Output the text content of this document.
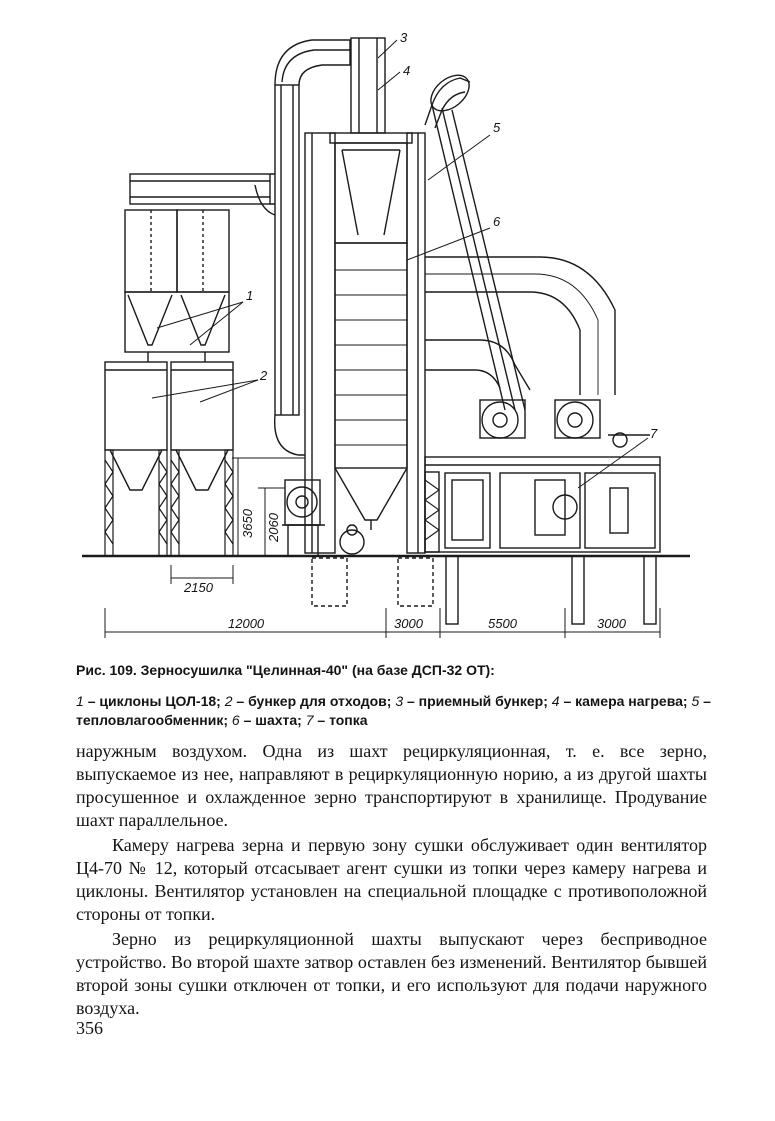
3
4
5
6
1
2
7
2150
12000	3000	5500	3000
3650 2060
Рис. 109. Зерносушилка "Целинная-40" (на базе ДСП-32 ОТ):
1 – циклоны ЦОЛ-18; 2 – бункер для отходов; 3 – приемный бункер; 4 – камера нагрева; 5 – тепловлагообменник; 6 – шахта; 7 – топка

наружным воздухом. Одна из шахт рециркуляционная, т. е. все зерно, выпускаемое из нее, направляют в рециркуляционную норию, а из другой шахты просушенное и охлажденное зерно транспортируют в хранилище. Продувание шахт параллельное.

Камеру нагрева зерна и первую зону сушки обслуживает один вентилятор Ц4-70 № 12, который отсасывает агент сушки из топки через камеру нагрева и циклоны. Вентилятор установлен на специальной площадке с противоположной стороны от топки.

Зерно из рециркуляционной шахты выпускают через бесприводное устройство. Во второй шахте затвор оставлен без изменений. Вентилятор бывшей второй зоны сушки отключен от топки, и его используют для подачи наружного воздуха.

356
